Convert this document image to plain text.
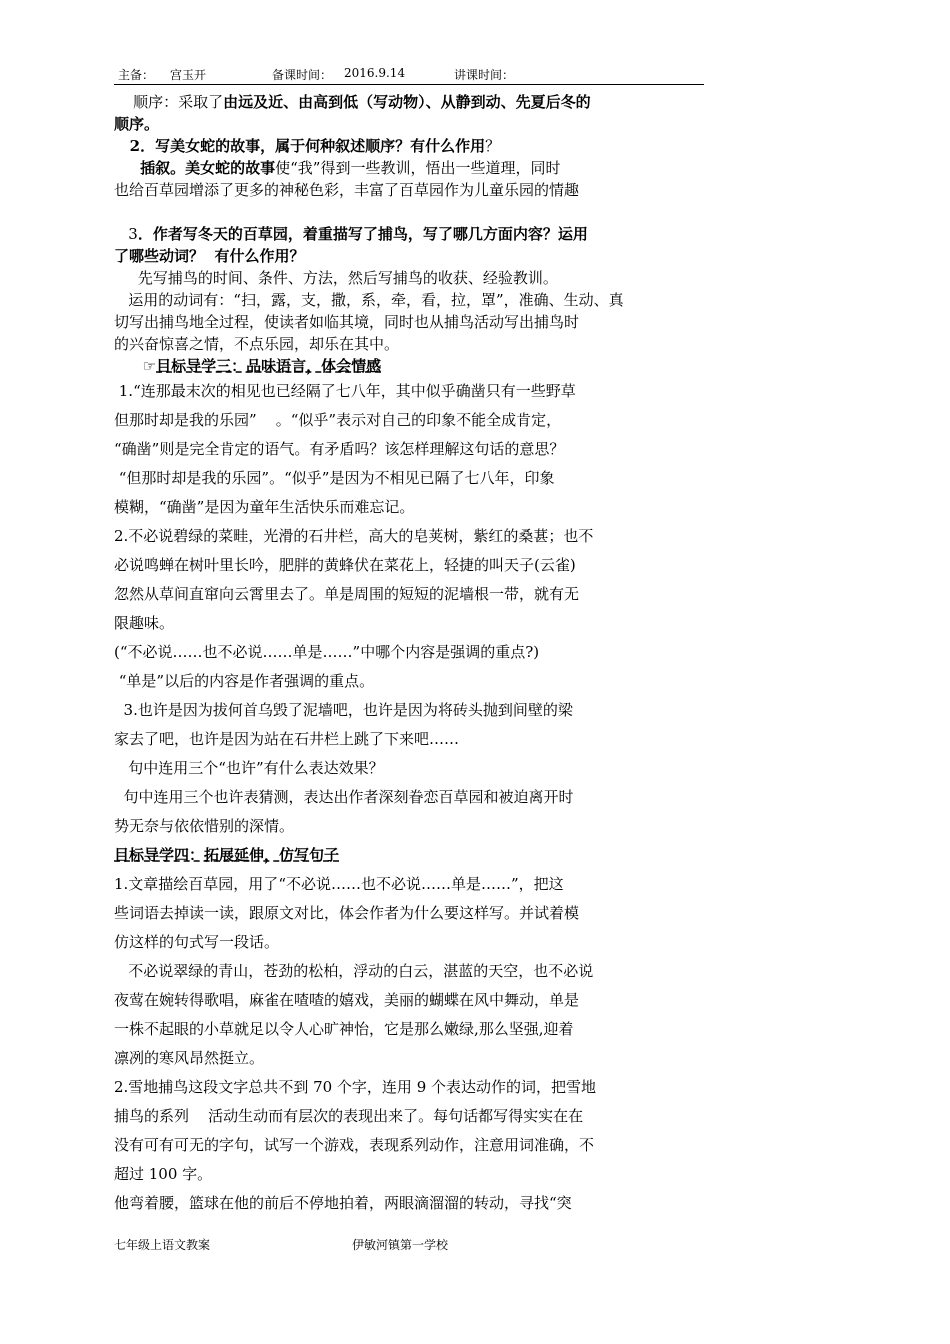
主备： 宫玉开	备课时间： 2016.9.14	讲课时间：

顺序：采取了由远及近、由高到低（写动物）、从静到动、先夏后冬的

顺序。

2．写美女蛇的故事，属于何种叙述顺序？有什么作用？

插叙。美女蛇的故事使“我”得到一些教训，悟出一些道理，同时

也给百草园增添了更多的神秘色彩，丰富了百草园作为儿童乐园的情趣

3．作者写冬天的百草园，着重描写了捕鸟，写了哪几方面内容？运用

了哪些动词？  有什么作用？

先写捕鸟的时间、条件、方法，然后写捕鸟的收获、经验教训。

运用的动词有：“扫，露，支，撒，系，牵，看，拉，罩”，准确、生动、真

切写出捕鸟地全过程，使读者如临其境，同时也从捕鸟活动写出捕鸟时

的兴奋惊喜之情，不点乐园，却乐在其中。

☞目标导学三：品味语言，体会情感

1.“连那最末次的相见也已经隔了七八年，其中似乎确凿只有一些野草

但那时却是我的乐园”    。“似乎”表示对自己的印象不能全成肯定，

“确凿”则是完全肯定的语气。有矛盾吗？该怎样理解这句话的意思？

“但那时却是我的乐园”。“似乎”是因为不相见已隔了七八年，印象

模糊，“确凿”是因为童年生活快乐而难忘记。

2.不必说碧绿的菜畦，光滑的石井栏，高大的皂荚树，紫红的桑葚；也不

必说鸣蝉在树叶里长吟，肥胖的黄蜂伏在菜花上，轻捷的叫天子(云雀)

忽然从草间直窜向云霄里去了。单是周围的短短的泥墙根一带，就有无

限趣味。

(“不必说……也不必说……单是……”中哪个内容是强调的重点?)

“单是”以后的内容是作者强调的重点。

3.也许是因为拔何首乌毁了泥墙吧，也许是因为将砖头抛到间壁的梁

家去了吧，也许是因为站在石井栏上跳了下来吧……

句中连用三个“也许”有什么表达效果？

句中连用三个也许表猜测，表达出作者深刻眷恋百草园和被迫离开时

势无奈与依依惜别的深情。

目标导学四：拓展延伸，仿写句子

1.文章描绘百草园，用了“不必说……也不必说……单是……”，把这

些词语去掉读一读，跟原文对比，体会作者为什么要这样写。并试着模

仿这样的句式写一段话。

不必说翠绿的青山，苍劲的松柏，浮动的白云，湛蓝的天空，也不必说

夜莺在婉转得歌唱，麻雀在喳喳的嬉戏，美丽的蝴蝶在风中舞动，单是

一株不起眼的小草就足以令人心旷神怡，它是那么嫩绿,那么坚强,迎着

凛冽的寒风昂然挺立。

2.雪地捕鸟这段文字总共不到 70 个字，连用 9 个表达动作的词，把雪地

捕鸟的系列    活动生动而有层次的表现出来了。每句话都写得实实在在

没有可有可无的字句，试写一个游戏，表现系列动作，注意用词准确，不

超过 100 字。

他弯着腰，篮球在他的前后不停地拍着，两眼滴溜溜的转动，寻找“突

七年级上语文教案	伊敏河镇第一学校
